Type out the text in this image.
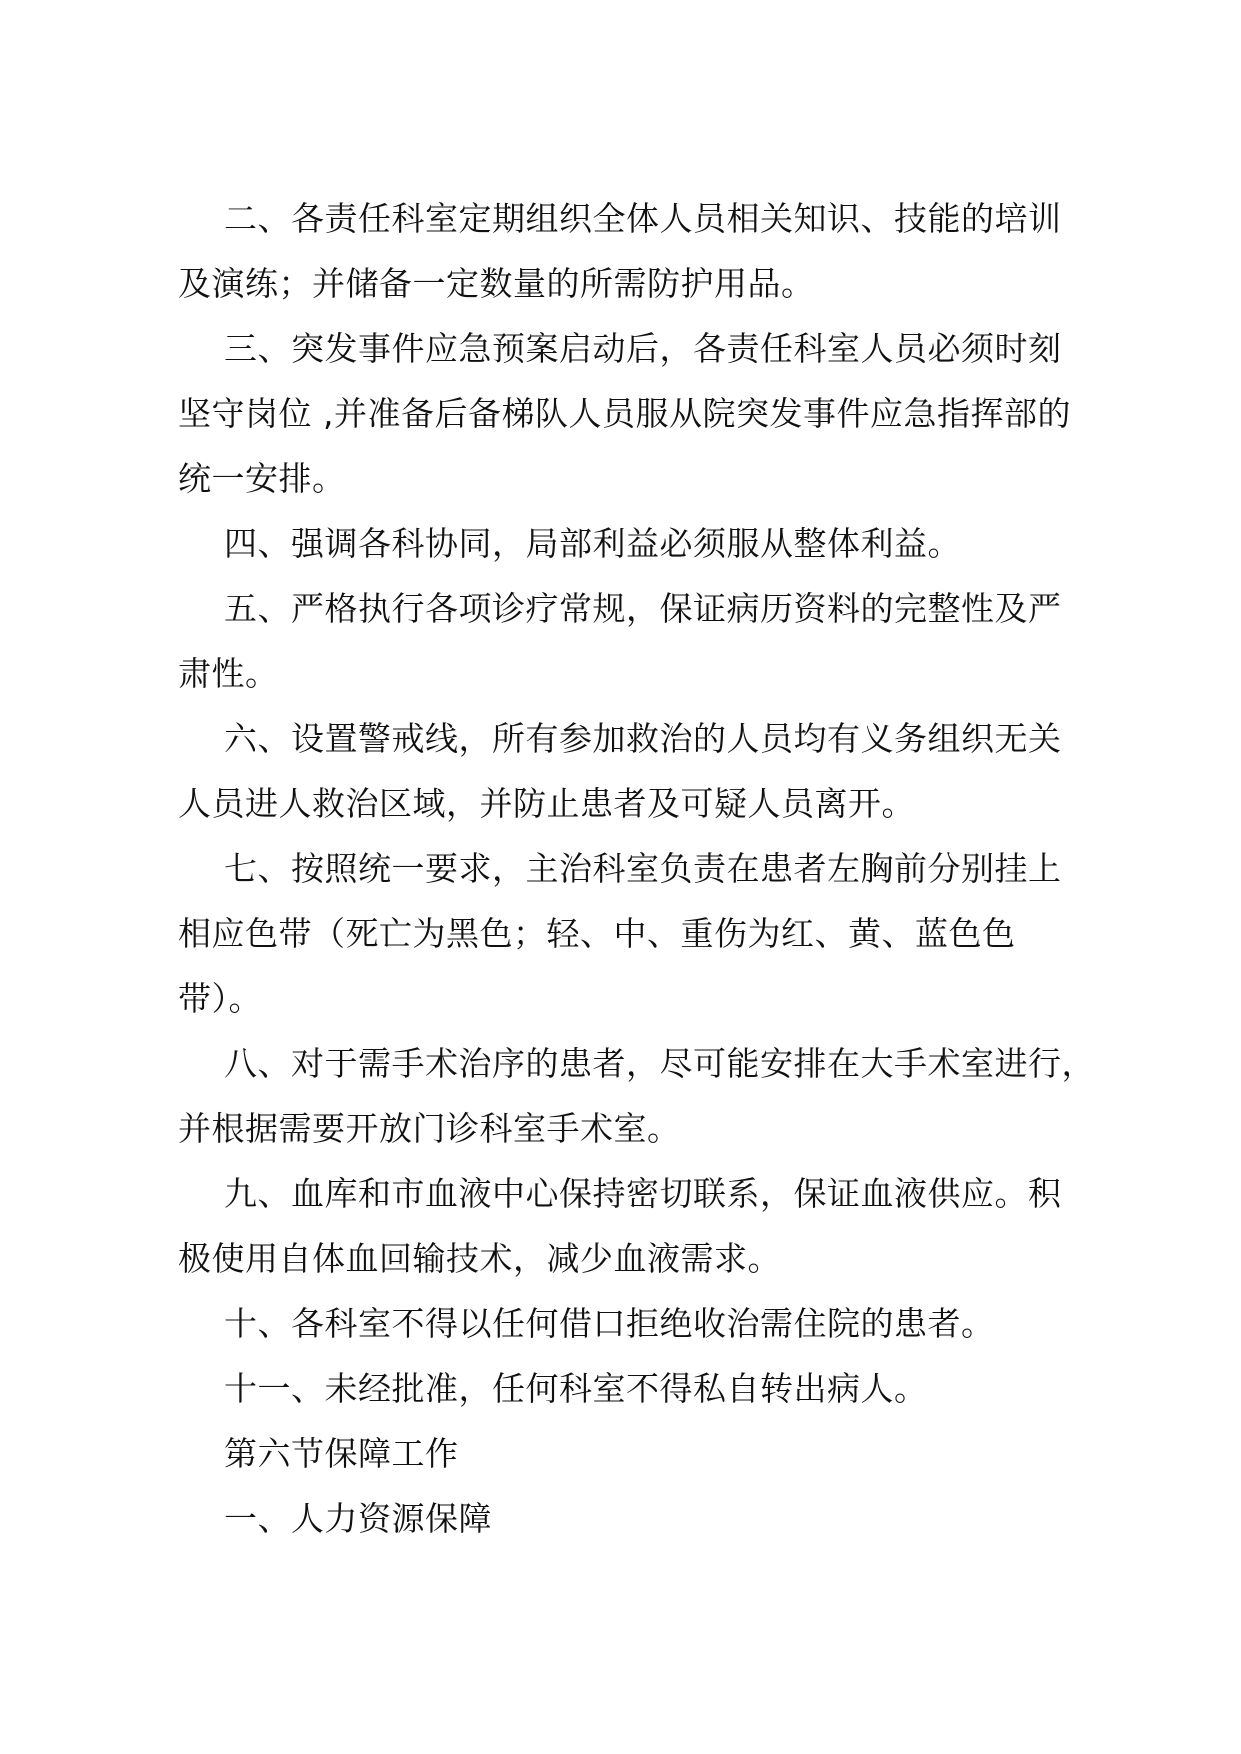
二、各责任科室定期组织全体人员相关知识、技能的培训
及演练；并储备一定数量的所需防护用品。
三、突发事件应急预案启动后，各责任科室人员必须时刻
坚守岗位 ,并准备后备梯队人员服从院突发事件应急指挥部的
统一安排。
四、强调各科协同，局部利益必须服从整体利益。
五、严格执行各项诊疗常规，保证病历资料的完整性及严
肃性。
六、设置警戒线，所有参加救治的人员均有义务组织无关
人员进人救治区域，并防止患者及可疑人员离开。
七、按照统一要求，主治科室负责在患者左胸前分别挂上
相应色带（死亡为黑色；轻、中、重伤为红、黄、蓝色色
带）。
八、对于需手术治序的患者，尽可能安排在大手术室进行，
并根据需要开放门诊科室手术室。
九、血库和市血液中心保持密切联系，保证血液供应。积
极使用自体血回输技术，减少血液需求。
十、各科室不得以任何借口拒绝收治需住院的患者。
十一、未经批准，任何科室不得私自转出病人。
第六节保障工作
一、人力资源保障
